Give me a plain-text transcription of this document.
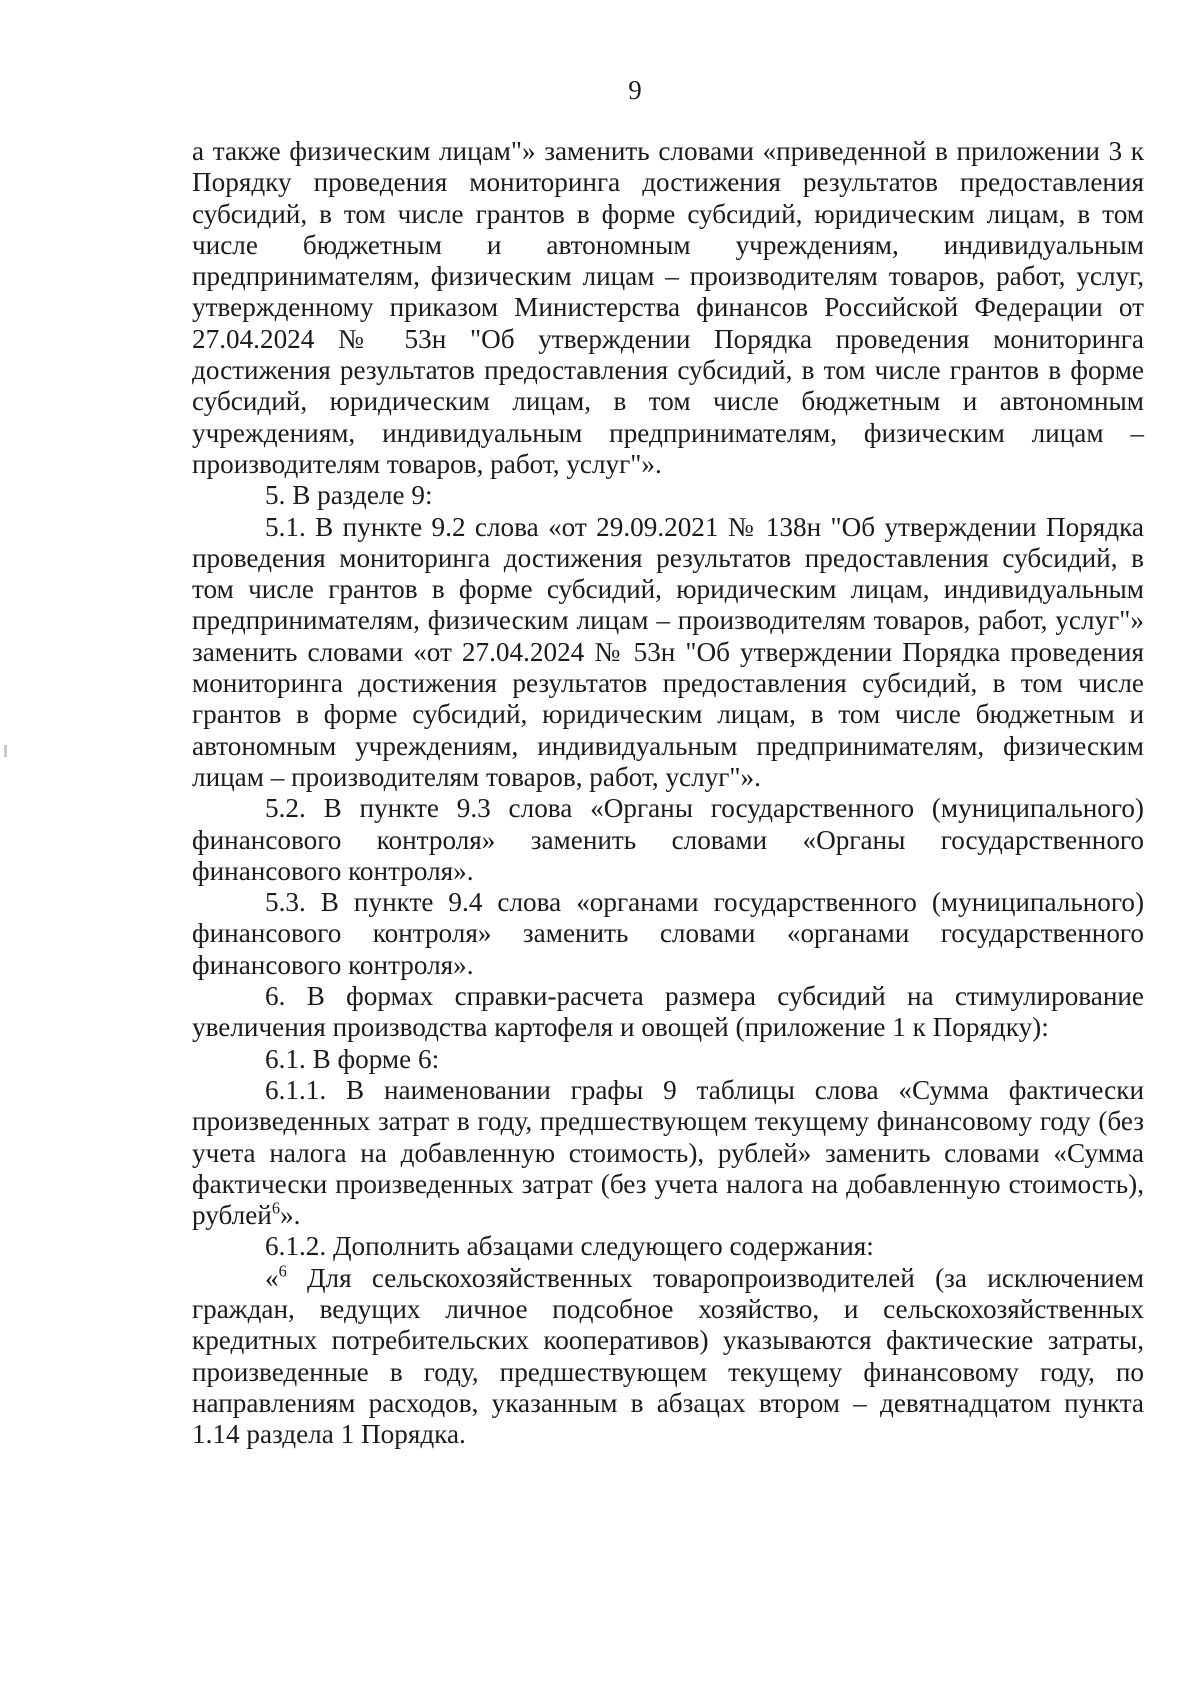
9

а также физическим лицам"» заменить словами «приведенной в приложении 3 к Порядку проведения мониторинга достижения результатов предоставления субсидий, в том числе грантов в форме субсидий, юридическим лицам, в том числе бюджетным и автономным учреждениям, индивидуальным предпринимателям, физическим лицам – производителям товаров, работ, услуг, утвержденному приказом Министерства финансов Российской Федерации от 27.04.2024 № 53н "Об утверждении Порядка проведения мониторинга достижения результатов предоставления субсидий, в том числе грантов в форме субсидий, юридическим лицам, в том числе бюджетным и автономным учреждениям, индивидуальным предпринимателям, физическим лицам – производителям товаров, работ, услуг"».

5. В разделе 9:

5.1. В пункте 9.2 слова «от 29.09.2021 № 138н "Об утверждении Порядка проведения мониторинга достижения результатов предоставления субсидий, в том числе грантов в форме субсидий, юридическим лицам, индивидуальным предпринимателям, физическим лицам – производителям товаров, работ, услуг"» заменить словами «от 27.04.2024 № 53н "Об утверждении Порядка проведения мониторинга достижения результатов предоставления субсидий, в том числе грантов в форме субсидий, юридическим лицам, в том числе бюджетным и автономным учреждениям, индивидуальным предпринимателям, физическим лицам – производителям товаров, работ, услуг"».

5.2. В пункте 9.3 слова «Органы государственного (муниципального) финансового контроля» заменить словами «Органы государственного финансового контроля».

5.3. В пункте 9.4 слова «органами государственного (муниципального) финансового контроля» заменить словами «органами государственного финансового контроля».

6. В формах справки-расчета размера субсидий на стимулирование увеличения производства картофеля и овощей (приложение 1 к Порядку):

6.1. В форме 6:

6.1.1. В наименовании графы 9 таблицы слова «Сумма фактически произведенных затрат в году, предшествующем текущему финансовому году (без учета налога на добавленную стоимость), рублей» заменить словами «Сумма фактически произведенных затрат (без учета налога на добавленную стоимость), рублей$^6$».

6.1.2. Дополнить абзацами следующего содержания:

«$^6$ Для сельскохозяйственных товаропроизводителей (за исключением граждан, ведущих личное подсобное хозяйство, и сельскохозяйственных кредитных потребительских кооперативов) указываются фактические затраты, произведенные в году, предшествующем текущему финансовому году, по направлениям расходов, указанным в абзацах втором – девятнадцатом пункта 1.14 раздела 1 Порядка.
